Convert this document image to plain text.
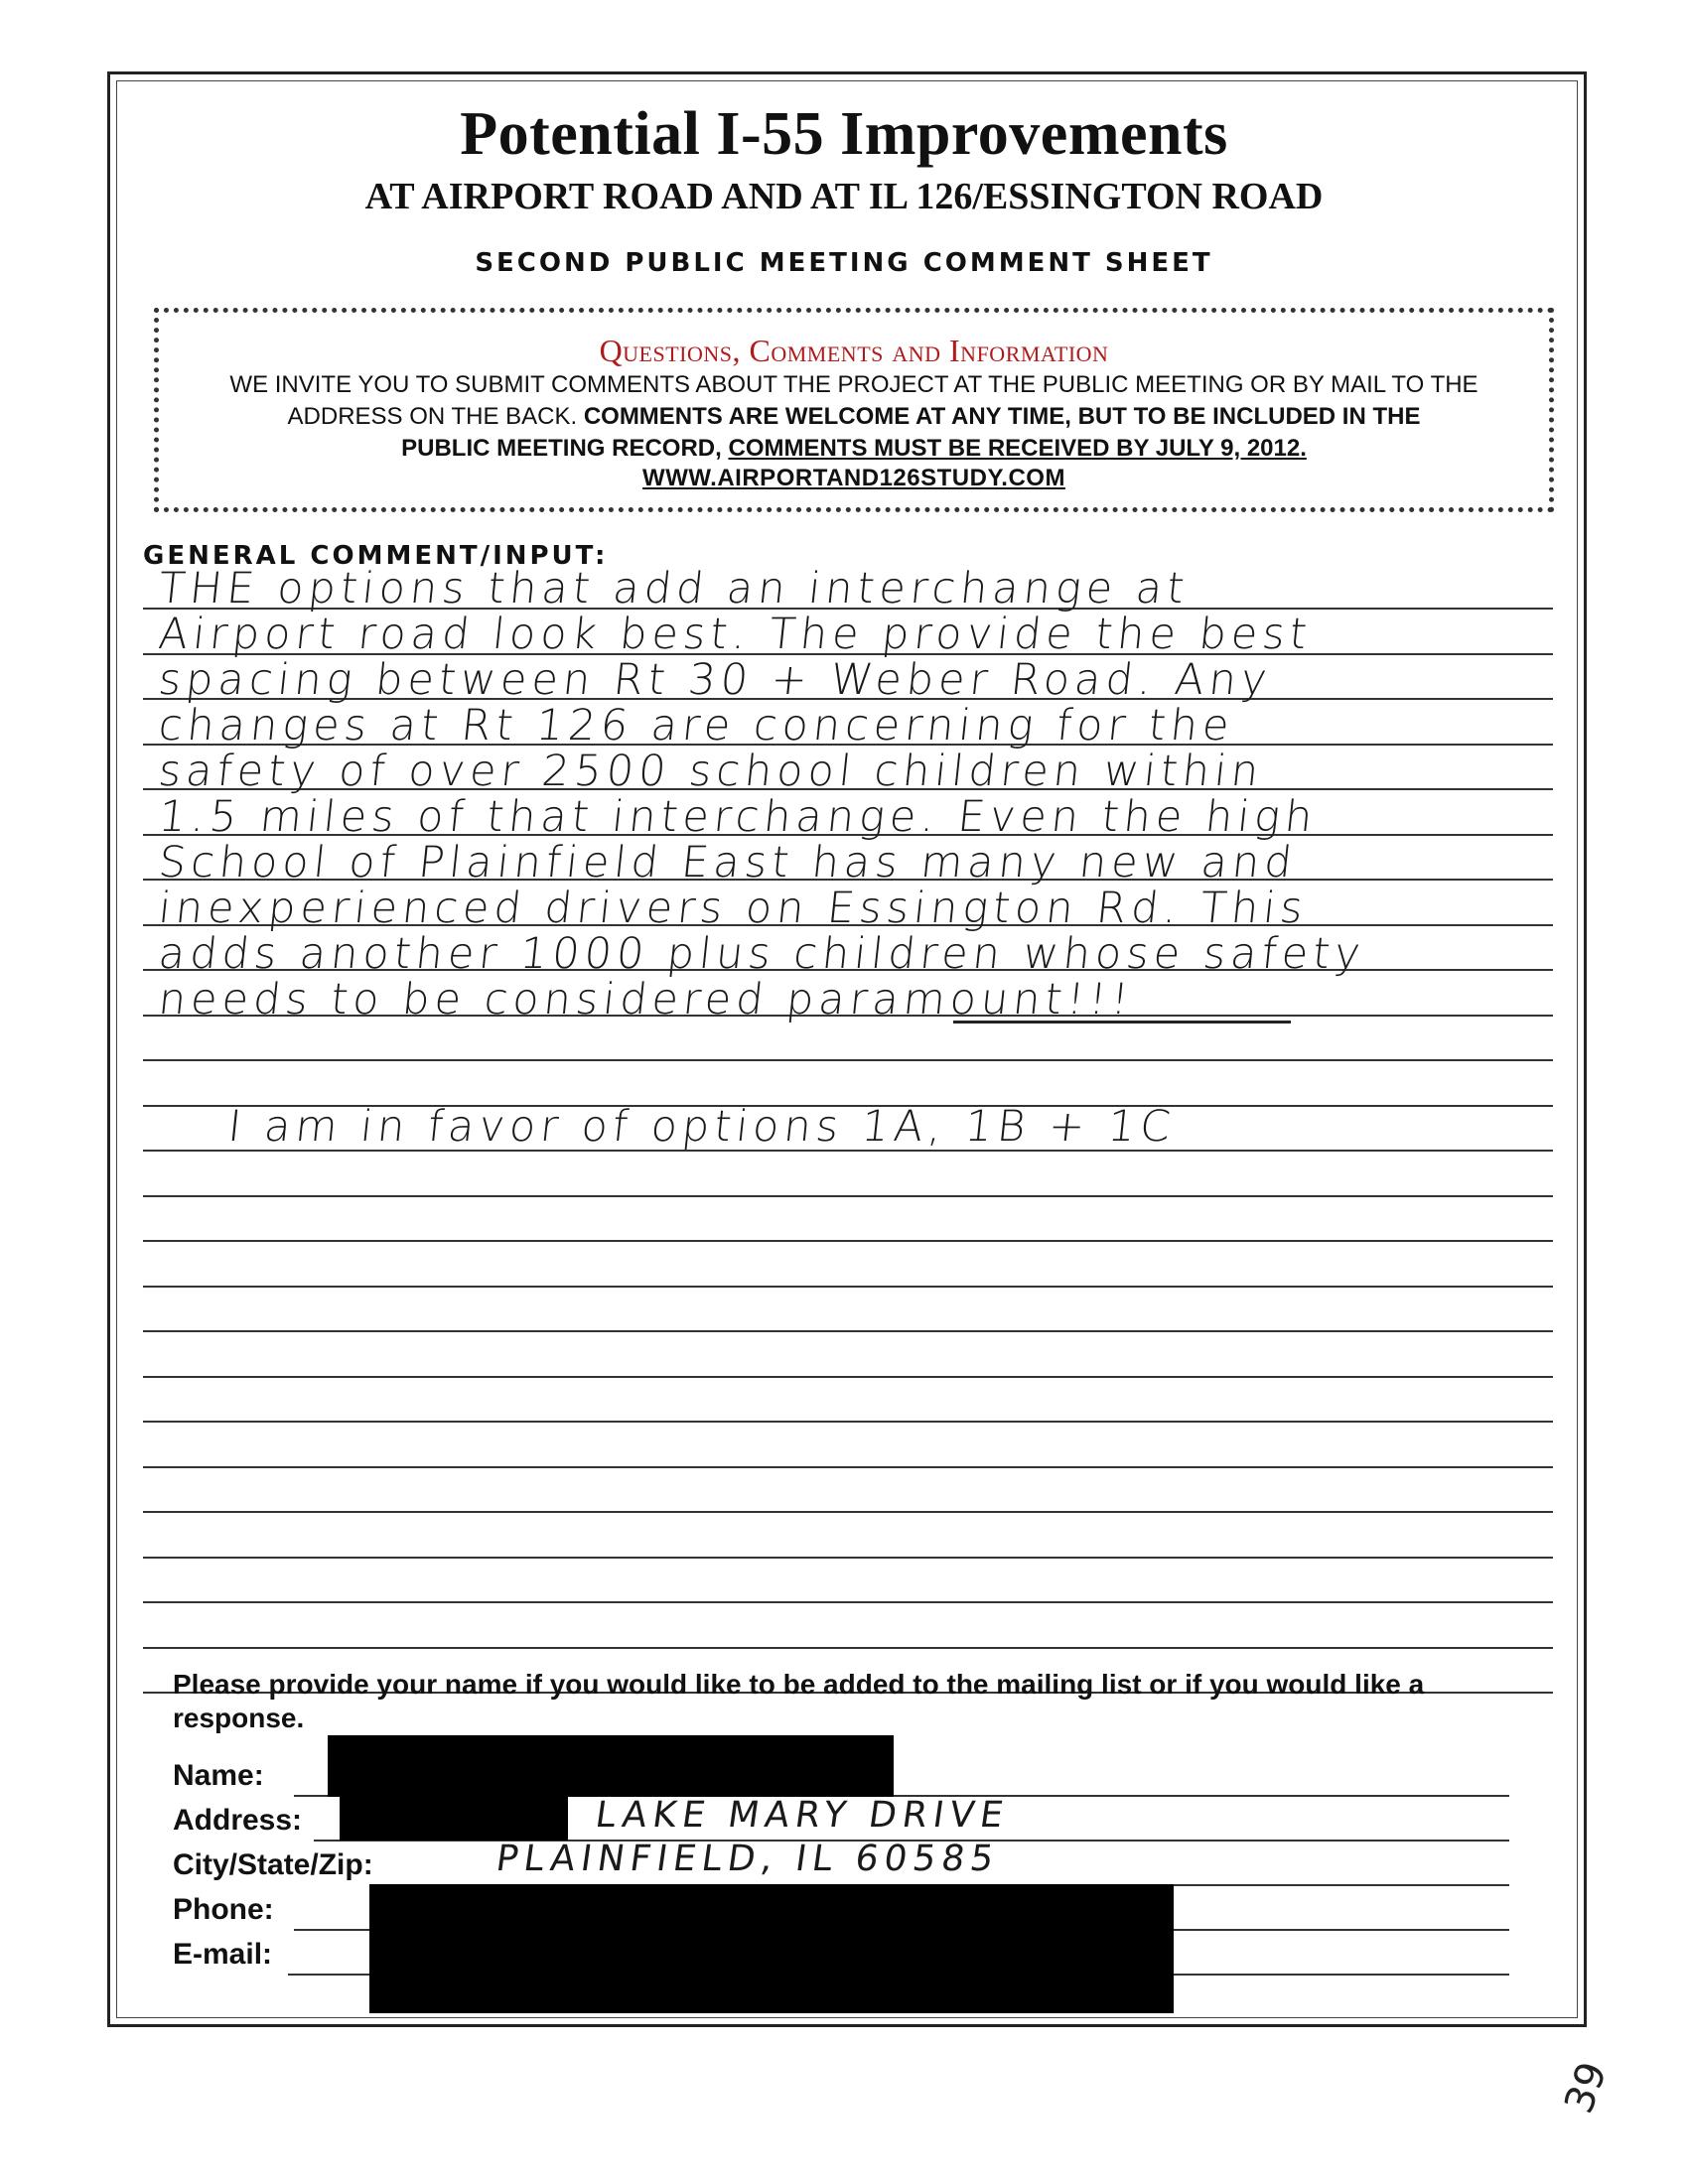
Potential I-55 Improvements
AT AIRPORT ROAD AND AT IL 126/ESSINGTON ROAD
SECOND PUBLIC MEETING COMMENT SHEET
Questions, Comments and Information
WE INVITE YOU TO SUBMIT COMMENTS ABOUT THE PROJECT AT THE PUBLIC MEETING OR BY MAIL TO THE
ADDRESS ON THE BACK. COMMENTS ARE WELCOME AT ANY TIME, BUT TO BE INCLUDED IN THE
PUBLIC MEETING RECORD, COMMENTS MUST BE RECEIVED BY JULY 9, 2012.
WWW.AIRPORTAND126STUDY.COM
GENERAL COMMENT/INPUT:
THE options that add an interchange at
Airport road look best. The provide the best
spacing between Rt 30 + Weber Road. Any
changes at Rt 126 are concerning for the
safety of over 2500 school children within
1.5 miles of that interchange. Even the high
School of Plainfield East has many new and
inexperienced drivers on Essington Rd. This
adds another 1000 plus children whose safety
needs to be considered paramount!!!
I am in favor of options 1A, 1B + 1C
Please provide your name if you would like to be added to the mailing list or if you would like a response.
Name:
Address:	LAKE MARY DRIVE
City/State/Zip:	PLAINFIELD, IL 60585
Phone:
E-mail:
39
